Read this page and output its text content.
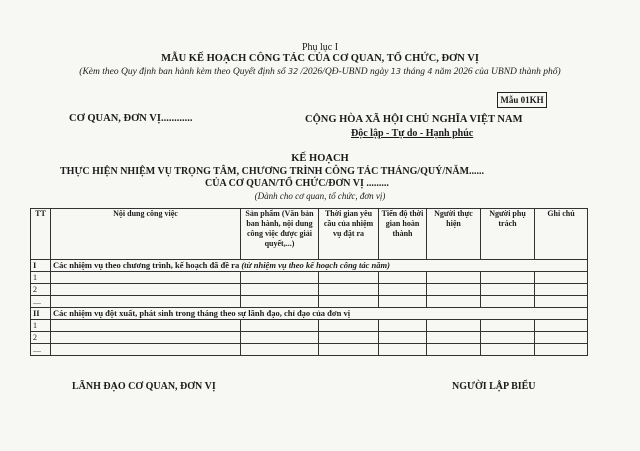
Phụ lục I
MẪU KẾ HOẠCH CÔNG TÁC CỦA CƠ QUAN, TỔ CHỨC, ĐƠN VỊ
(Kèm theo Quy định ban hành kèm theo Quyết định số 32 /2026/QĐ-UBND ngày 13 tháng 4 năm 2026 của UBND thành phố)
Mẫu 01KH
CƠ QUAN, ĐƠN VỊ............	CỘNG HÒA XÃ HỘI CHỦ NGHĨA VIỆT NAM
Độc lập - Tự do - Hạnh phúc
KẾ HOẠCH
THỰC HIỆN NHIỆM VỤ TRỌNG TÂM, CHƯƠNG TRÌNH CÔNG TÁC THÁNG/QUÝ/NĂM......
CỦA CƠ QUAN/TỔ CHỨC/ĐƠN VỊ .........
(Dành cho cơ quan, tổ chức, đơn vị)
TT	Nội dung công việc	Sản phẩm (Văn bản ban hành, nội dung công việc được giải quyết,...)	Thời gian yêu cầu của nhiệm vụ đặt ra	Tiến độ thời gian hoàn thành	Người thực hiện	Người phụ trách	Ghi chú
I	Các nhiệm vụ theo chương trình, kế hoạch đã đề ra (từ nhiệm vụ theo kế hoạch công tác năm)						
1							
2							
....							
II	Các nhiệm vụ đột xuất, phát sinh trong tháng theo sự lãnh đạo, chỉ đạo của đơn vị						
1							
2							
....							
LÃNH ĐẠO CƠ QUAN, ĐƠN VỊ	NGƯỜI LẬP BIỂU
